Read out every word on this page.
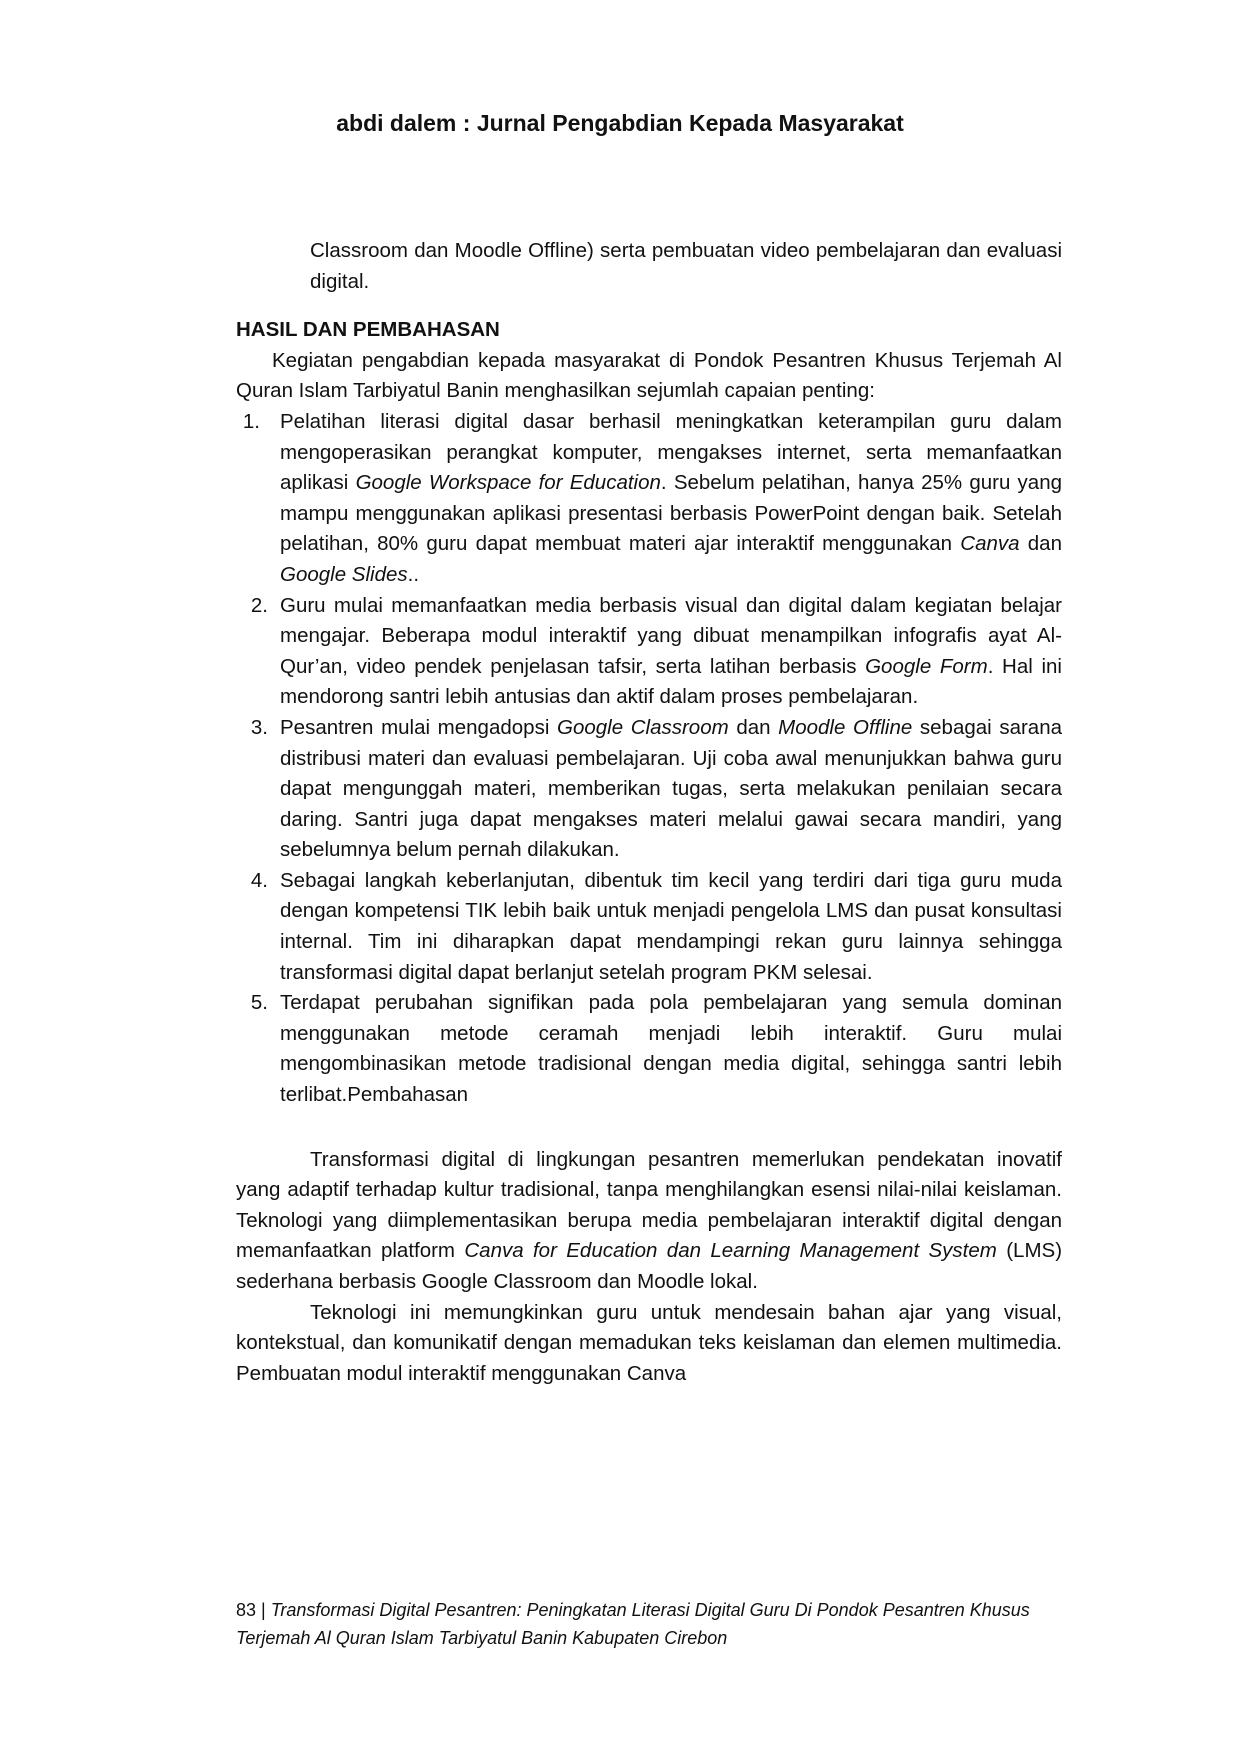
abdi dalem : Jurnal Pengabdian Kepada Masyarakat
Classroom dan Moodle Offline) serta pembuatan video pembelajaran dan evaluasi digital.
HASIL DAN PEMBAHASAN

Kegiatan pengabdian kepada masyarakat di Pondok Pesantren Khusus Terjemah Al Quran Islam Tarbiyatul Banin menghasilkan sejumlah capaian penting:

1. Pelatihan literasi digital dasar berhasil meningkatkan keterampilan guru dalam mengoperasikan perangkat komputer, mengakses internet, serta memanfaatkan aplikasi Google Workspace for Education. Sebelum pelatihan, hanya 25% guru yang mampu menggunakan aplikasi presentasi berbasis PowerPoint dengan baik. Setelah pelatihan, 80% guru dapat membuat materi ajar interaktif menggunakan Canva dan Google Slides..
2. Guru mulai memanfaatkan media berbasis visual dan digital dalam kegiatan belajar mengajar. Beberapa modul interaktif yang dibuat menampilkan infografis ayat Al-Qur’an, video pendek penjelasan tafsir, serta latihan berbasis Google Form. Hal ini mendorong santri lebih antusias dan aktif dalam proses pembelajaran.
3. Pesantren mulai mengadopsi Google Classroom dan Moodle Offline sebagai sarana distribusi materi dan evaluasi pembelajaran. Uji coba awal menunjukkan bahwa guru dapat mengunggah materi, memberikan tugas, serta melakukan penilaian secara daring. Santri juga dapat mengakses materi melalui gawai secara mandiri, yang sebelumnya belum pernah dilakukan.
4. Sebagai langkah keberlanjutan, dibentuk tim kecil yang terdiri dari tiga guru muda dengan kompetensi TIK lebih baik untuk menjadi pengelola LMS dan pusat konsultasi internal. Tim ini diharapkan dapat mendampingi rekan guru lainnya sehingga transformasi digital dapat berlanjut setelah program PKM selesai.
5. Terdapat perubahan signifikan pada pola pembelajaran yang semula dominan menggunakan metode ceramah menjadi lebih interaktif. Guru mulai mengombinasikan metode tradisional dengan media digital, sehingga santri lebih terlibat.Pembahasan

Transformasi digital di lingkungan pesantren memerlukan pendekatan inovatif yang adaptif terhadap kultur tradisional, tanpa menghilangkan esensi nilai-nilai keislaman. Teknologi yang diimplementasikan berupa media pembelajaran interaktif digital dengan memanfaatkan platform Canva for Education dan Learning Management System (LMS) sederhana berbasis Google Classroom dan Moodle lokal.

Teknologi ini memungkinkan guru untuk mendesain bahan ajar yang visual, kontekstual, dan komunikatif dengan memadukan teks keislaman dan elemen multimedia. Pembuatan modul interaktif menggunakan Canva

83 | Transformasi Digital Pesantren: Peningkatan Literasi Digital Guru Di Pondok Pesantren Khusus Terjemah Al Quran Islam Tarbiyatul Banin Kabupaten Cirebon
